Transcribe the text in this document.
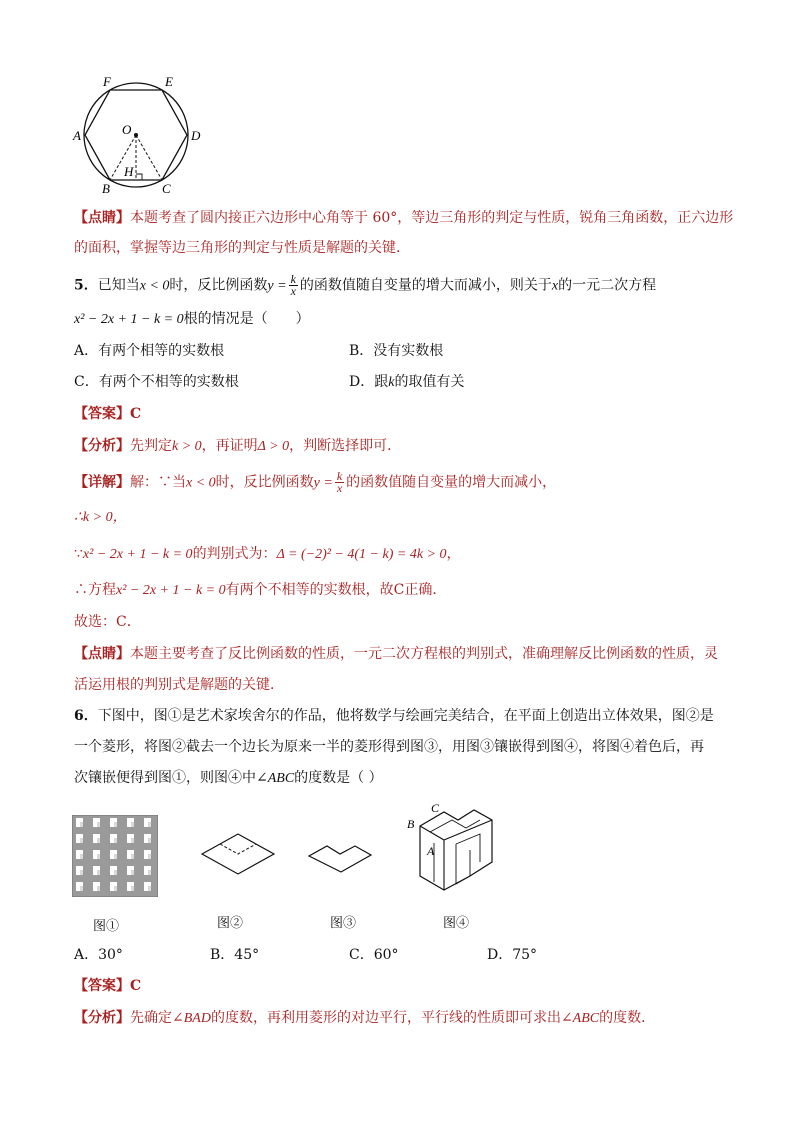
F	E
A	O	D
H
B	C
【点睛】本题考查了圆内接正六边形中心角等于 60°，等边三角形的判定与性质，锐角三角函数，正六边形
的面积，掌握等边三角形的判定与性质是解题的关键．
5．已知当x < 0时，反比例函数$y = \frac{k}{x}$ 的函数值随自变量的增大而减小，则关于x的一元二次方程
x² − 2x + 1 − k = 0根的情况是（　　）
A．有两个相等的实数根	B．没有实数根
C．有两个不相等的实数根	D．跟k的取值有关
【答案】C
【分析】先判定k > 0，再证明Δ > 0，判断选择即可．
【详解】解：∵当x < 0时，反比例函数$y = \frac{k}{x}$ 的函数值随自变量的增大而减小，
∴k > 0，
∵x² − 2x + 1 − k = 0的判别式为：Δ = (−2)² − 4(1 − k) = 4k > 0，
∴方程x² − 2x + 1 − k = 0有两个不相等的实数根，故C正确．
故选：C．
【点睛】本题主要考查了反比例函数的性质，一元二次方程根的判别式，准确理解反比例函数的性质，灵
活运用根的判别式是解题的关键．
6．下图中，图①是艺术家埃舍尔的作品，他将数学与绘画完美结合，在平面上创造出立体效果，图②是
一个菱形，将图②截去一个边长为原来一半的菱形得到图③，用图③镶嵌得到图④，将图④着色后，再
次镶嵌便得到图①，则图④中∠ABC的度数是（ ）
C
B
A
图①	图②	图③	图④
A．30°	B．45°	C．60°	D．75°
【答案】C
【分析】先确定∠BAD的度数，再利用菱形的对边平行，平行线的性质即可求出∠ABC的度数．
